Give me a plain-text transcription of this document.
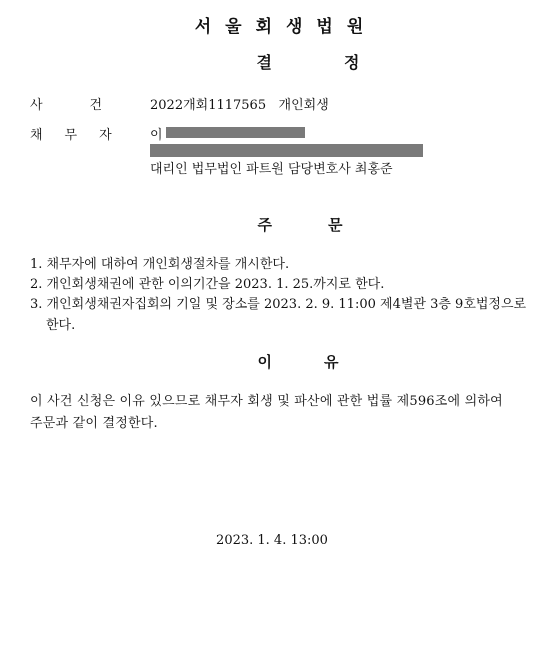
서울회생법원
결정
사건 2022개회1117565 개인회생
채무자 이
대리인 법무법인 파트원 담당변호사 최홍준
주문
1. 채무자에 대하여 개인회생절차를 개시한다.
2. 개인회생채권에 관한 이의기간을 2023. 1. 25.까지로 한다.
3. 개인회생채권자집회의 기일 및 장소를 2023. 2. 9. 11:00 제4별관 3층 9호법정으로
한다.
이유
이 사건 신청은 이유 있으므로 채무자 회생 및 파산에 관한 법률 제596조에 의하여
주문과 같이 결정한다.
2023. 1. 4. 13:00
